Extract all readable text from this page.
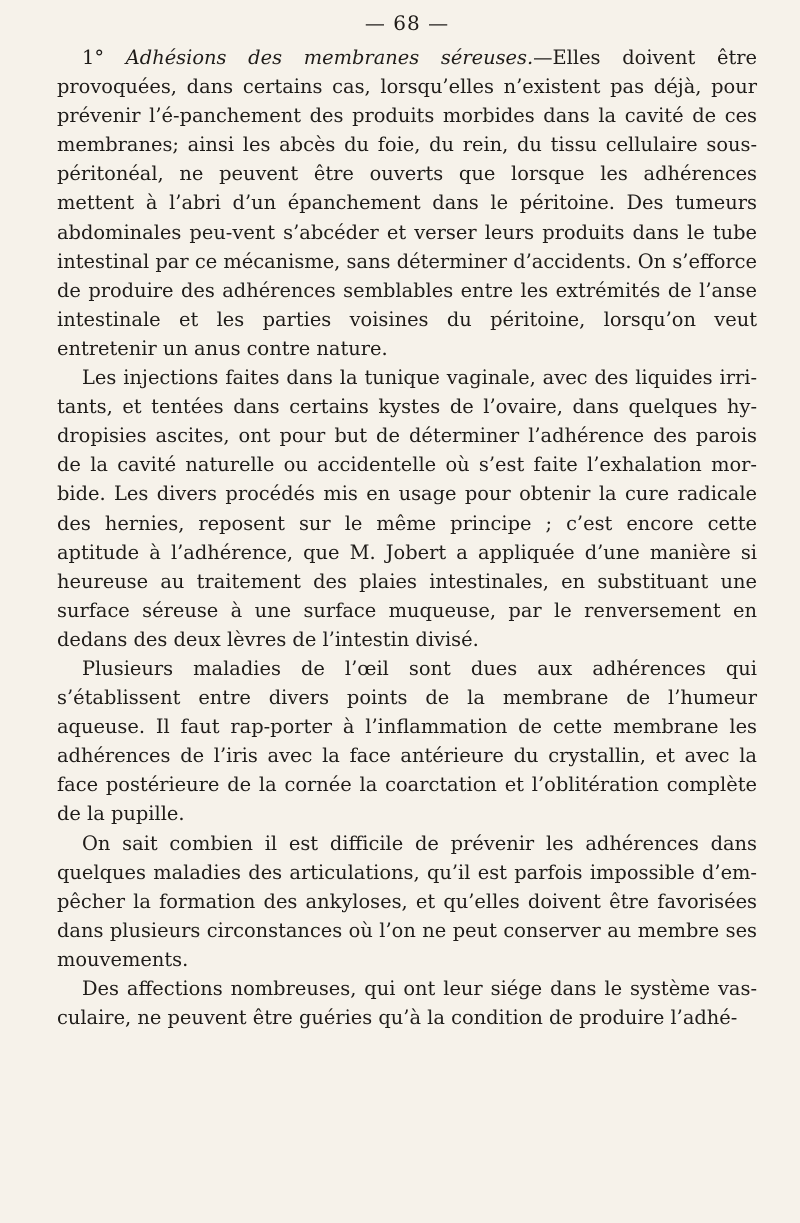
— 68 —

1° Adhésions des membranes séreuses.—Elles doivent être provoquées, dans certains cas, lorsqu’elles n’existent pas déjà, pour prévenir l’é-panchement des produits morbides dans la cavité de ces membranes; ainsi les abcès du foie, du rein, du tissu cellulaire sous-péritonéal, ne peuvent être ouverts que lorsque les adhérences mettent à l’abri d’un épanchement dans le péritoine. Des tumeurs abdominales peu-vent s’abcéder et verser leurs produits dans le tube intestinal par ce mécanisme, sans déterminer d’accidents. On s’efforce de produire des adhérences semblables entre les extrémités de l’anse intestinale et les parties voisines du péritoine, lorsqu’on veut entretenir un anus contre nature.

Les injections faites dans la tunique vaginale, avec des liquides irri-tants, et tentées dans certains kystes de l’ovaire, dans quelques hy-dropisies ascites, ont pour but de déterminer l’adhérence des parois de la cavité naturelle ou accidentelle où s’est faite l’exhalation mor-bide. Les divers procédés mis en usage pour obtenir la cure radicale des hernies, reposent sur le même principe ; c’est encore cette aptitude à l’adhérence, que M. Jobert a appliquée d’une manière si heureuse au traitement des plaies intestinales, en substituant une surface séreuse à une surface muqueuse, par le renversement en dedans des deux lèvres de l’intestin divisé.

Plusieurs maladies de l’œil sont dues aux adhérences qui s’établissent entre divers points de la membrane de l’humeur aqueuse. Il faut rap-porter à l’inflammation de cette membrane les adhérences de l’iris avec la face antérieure du crystallin, et avec la face postérieure de la cornée la coarctation et l’oblitération complète de la pupille.

On sait combien il est difficile de prévenir les adhérences dans quelques maladies des articulations, qu’il est parfois impossible d’em-pêcher la formation des ankyloses, et qu’elles doivent être favorisées dans plusieurs circonstances où l’on ne peut conserver au membre ses mouvements.

Des affections nombreuses, qui ont leur siége dans le système vas-culaire, ne peuvent être guéries qu’à la condition de produire l’adhé-
